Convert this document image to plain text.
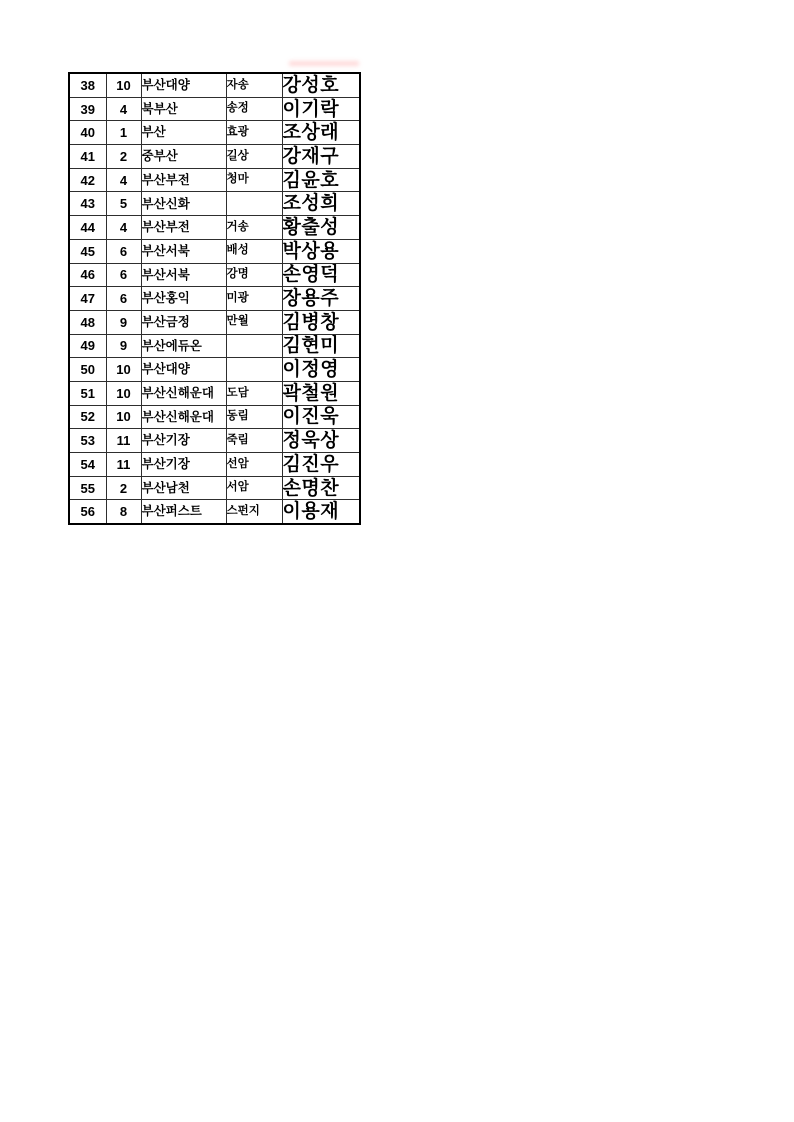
38	10	부산대양	자송	강성호
39	4	북부산	송정	이기락
40	1	부산	효광	조상래
41	2	중부산	길상	강재구
42	4	부산부전	청마	김윤호
43	5	부산신화		조성희
44	4	부산부전	거송	황출성
45	6	부산서북	배성	박상용
46	6	부산서북	강명	손영덕
47	6	부산홍익	미광	장용주
48	9	부산금정	만월	김병창
49	9	부산에듀온		김현미
50	10	부산대양		이정영
51	10	부산신해운대	도담	곽철원
52	10	부산신해운대	동림	이진욱
53	11	부산기장	죽림	정욱상
54	11	부산기장	선암	김진우
55	2	부산남천	서암	손명찬
56	8	부산퍼스트	스펀지	이용재
